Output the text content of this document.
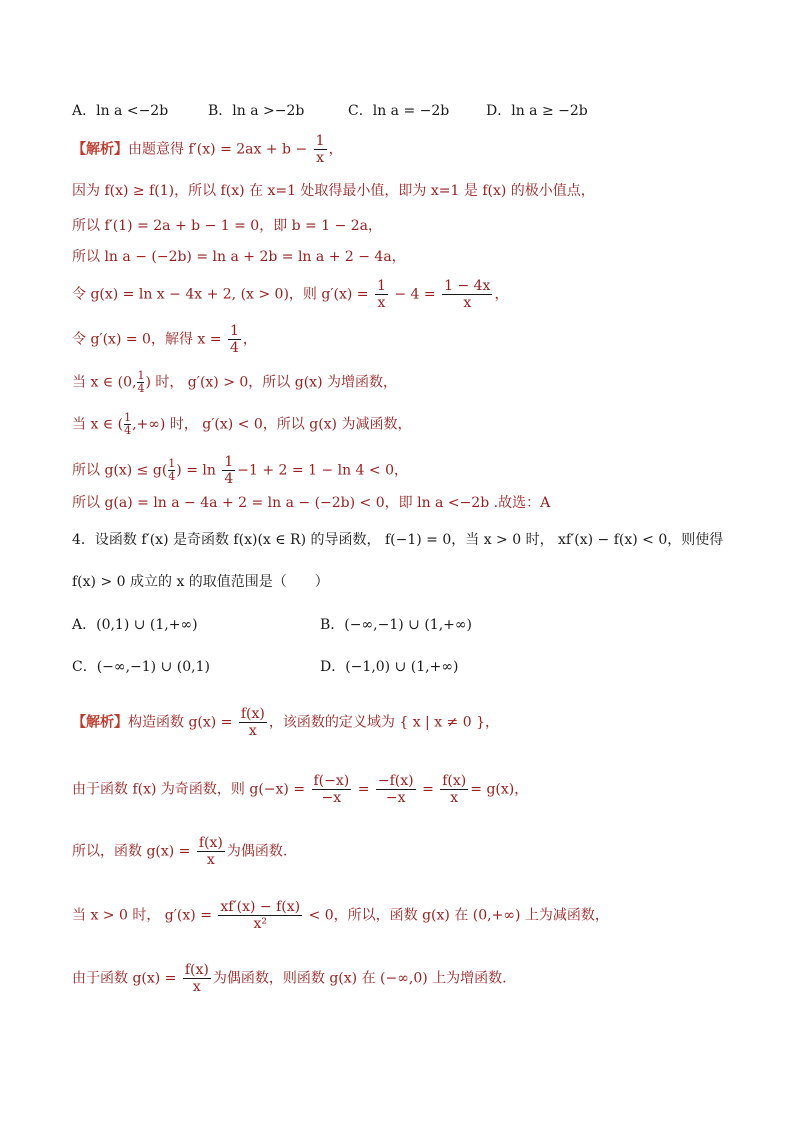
A．ln a <−2b	B．ln a >−2b	C．ln a = −2b	D．ln a ≥ −2b
【解析】由题意得 $f'(x) = 2ax + b - \frac{1}{x}$ ，
因为 f(x) ≥ f(1)，所以 f(x) 在 x=1 处取得最小值，即为 x=1 是 f(x) 的极小值点，
所以 f′(1) = 2a + b − 1 = 0，即 b = 1 − 2a，
所以 ln a − (−2b) = ln a + 2b = ln a + 2 − 4a，
令 g(x) = ln x − 4x + 2, (x > 0)，则 $g'(x) = \frac{1}{x} - 4 = \frac{1 - 4x}{x}$ ，
令 g′(x) = 0，解得 $x = \frac{1}{4}$ ，
当 x ∈ (0, $\frac{1}{4}$ ) 时， g′(x) > 0，所以 g(x) 为增函数，
当 x ∈ ( $\frac{1}{4}$ ,+∞) 时， g′(x) < 0，所以 g(x) 为减函数，
所以 $g(x) \le g( \frac{1}{4}$ ) = $\ln \frac{1}{4} -1 + 2 = 1 - \ln 4 < 0$，
所以 g(a) = ln a − 4a + 2 = ln a − (−2b) < 0，即 ln a <−2b .故选：A
4．设函数 f′(x) 是奇函数 f(x)(x ∈ R) 的导函数， f(−1) = 0，当 x > 0 时， xf′(x) − f(x) < 0，则使得
f(x) > 0 成立的 x 的取值范围是（　　）
A．(0,1) ∪ (1,+∞)	B．(−∞,−1) ∪ (1,+∞)
C．(−∞,−1) ∪ (0,1)	D．(−1,0) ∪ (1,+∞)
【解析】构造函数 $g(x) = \frac{f(x)}{x}$ ，该函数的定义域为 { x | x ≠ 0 }，
由于函数 f(x) 为奇函数，则 $g(-x) = \frac{f(-x)}{-x} = \frac{-f(x)}{-x} = \frac{f(x)}{x} = g(x)$，
所以，函数 $g(x) = \frac{f(x)}{x}$ 为偶函数.
当 x > 0 时， $g'(x) = \frac{xf'(x) - f(x)}{\text{x²}} < 0$，所以，函数 g(x) 在 (0,+∞) 上为减函数，
由于函数 $g(x) = \frac{f(x)}{x}$ 为偶函数，则函数 g(x) 在 (−∞,0) 上为增函数.
